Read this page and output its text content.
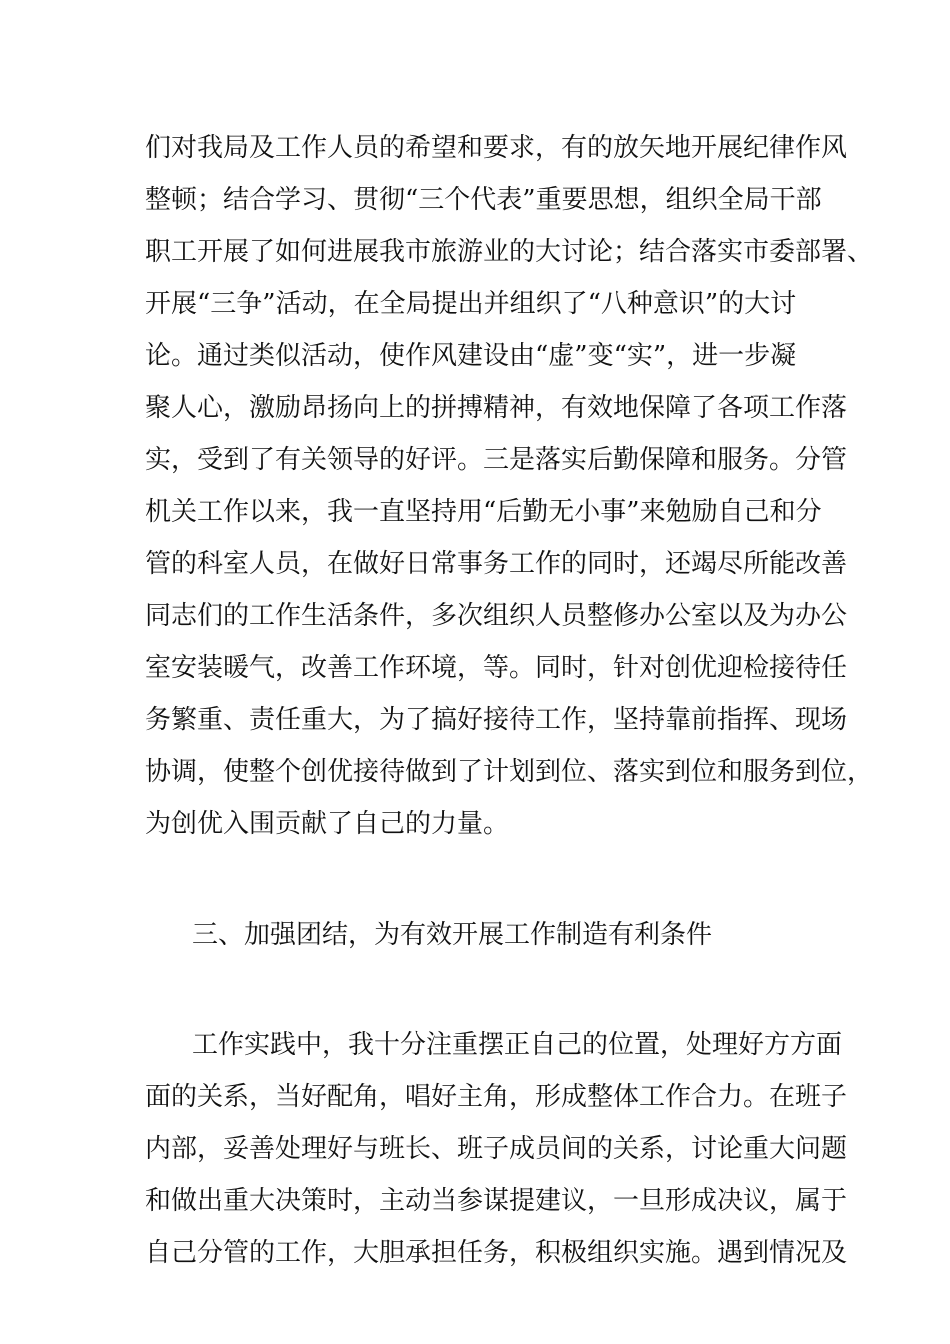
们对我局及工作人员的希望和要求，有的放矢地开展纪律作风
整顿；结合学习、贯彻“三个代表”重要思想，组织全局干部
职工开展了如何进展我市旅游业的大讨论；结合落实市委部署、
开展“三争”活动，在全局提出并组织了“八种意识”的大讨
论。通过类似活动，使作风建设由“虚”变“实”，进一步凝
聚人心，激励昂扬向上的拼搏精神，有效地保障了各项工作落
实，受到了有关领导的好评。三是落实后勤保障和服务。分管
机关工作以来，我一直坚持用“后勤无小事”来勉励自己和分
管的科室人员，在做好日常事务工作的同时，还竭尽所能改善
同志们的工作生活条件，多次组织人员整修办公室以及为办公
室安装暖气，改善工作环境，等。同时，针对创优迎检接待任
务繁重、责任重大，为了搞好接待工作，坚持靠前指挥、现场
协调，使整个创优接待做到了计划到位、落实到位和服务到位，
为创优入围贡献了自己的力量。
三、加强团结，为有效开展工作制造有利条件
工作实践中，我十分注重摆正自己的位置，处理好方方面
面的关系，当好配角，唱好主角，形成整体工作合力。在班子
内部，妥善处理好与班长、班子成员间的关系，讨论重大问题
和做出重大决策时，主动当参谋提建议，一旦形成决议，属于
自己分管的工作，大胆承担任务，积极组织实施。遇到情况及
